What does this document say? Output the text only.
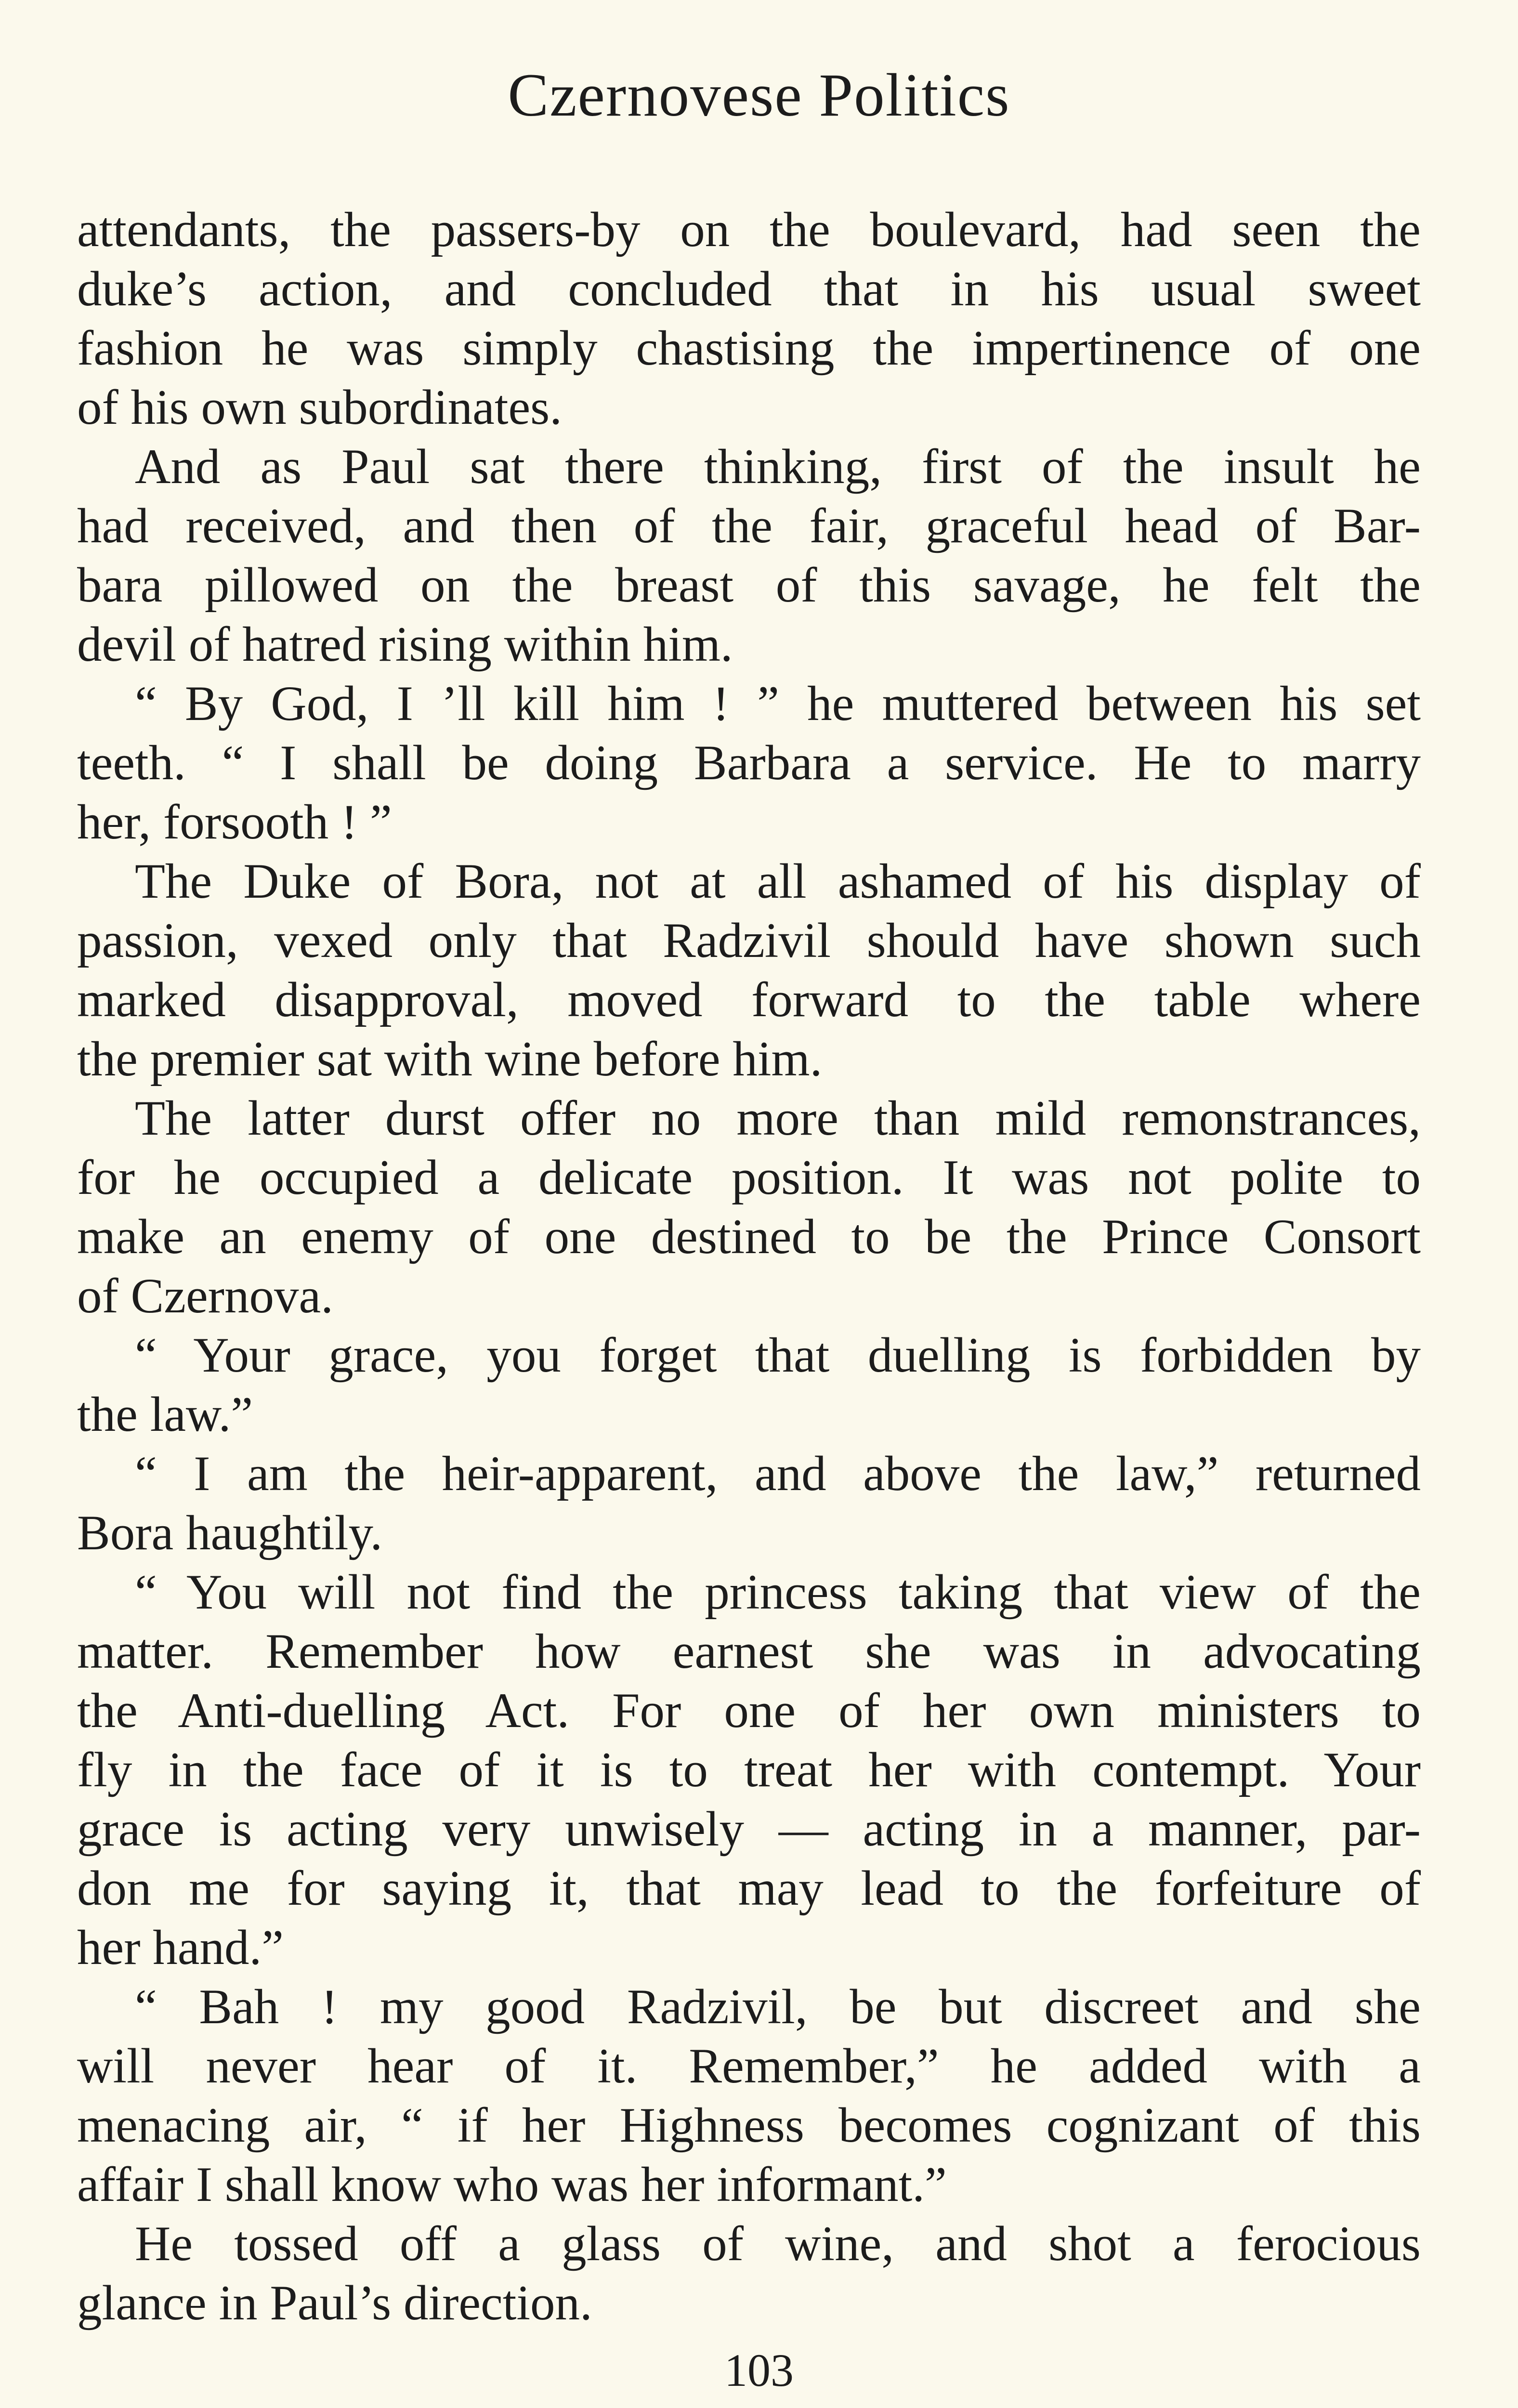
Czernovese Politics
attendants, the passers-by on the boulevard, had seen the
duke’s action, and concluded that in his usual sweet
fashion he was simply chastising the impertinence of one
of his own subordinates.
And as Paul sat there thinking, first of the insult he
had received, and then of the fair, graceful head of Bar-
bara pillowed on the breast of this savage, he felt the
devil of hatred rising within him.
“ By God, I ’ll kill him ! ” he muttered between his set
teeth. “ I shall be doing Barbara a service. He to marry
her, forsooth ! ”
The Duke of Bora, not at all ashamed of his display of
passion, vexed only that Radzivil should have shown such
marked disapproval, moved forward to the table where
the premier sat with wine before him.
The latter durst offer no more than mild remonstrances,
for he occupied a delicate position. It was not polite to
make an enemy of one destined to be the Prince Consort
of Czernova.
“ Your grace, you forget that duelling is forbidden by
the law.”
“ I am the heir-apparent, and above the law,” returned
Bora haughtily.
“ You will not find the princess taking that view of the
matter. Remember how earnest she was in advocating
the Anti-duelling Act. For one of her own ministers to
fly in the face of it is to treat her with contempt. Your
grace is acting very unwisely — acting in a manner, par-
don me for saying it, that may lead to the forfeiture of
her hand.”
“ Bah ! my good Radzivil, be but discreet and she
will never hear of it. Remember,” he added with a
menacing air, “ if her Highness becomes cognizant of this
affair I shall know who was her informant.”
He tossed off a glass of wine, and shot a ferocious
glance in Paul’s direction.
103
